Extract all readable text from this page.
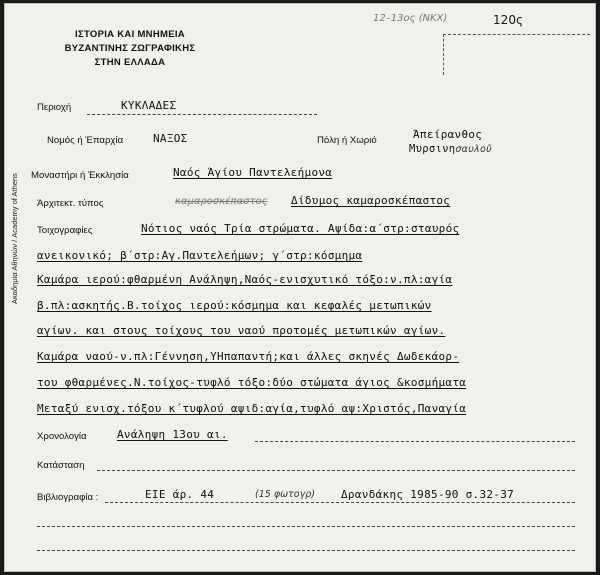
ΙΣΤΟΡΙΑ ΚΑΙ ΜΝΗΜΕΙΑ
ΒΥΖΑΝΤΙΝΗΣ ΖΩΓΡΑΦΙΚΗΣ
ΣΤΗΝ ΕΛΛΑΔΑ
Ακαδημία Αθηνών / Academy of Athens
12–13ος (ΝΚΧ)	120ς
Περιοχή	ΚΥΚΛΑΔΕΣ
Νομός ή Έπαρχία	ΝΑΞΟΣ	Πόλη ή Χωριό	Άπείρανθος
Μυρσινησαυλοῦ
Μοναστήρι ή Έκκλησία	Ναός Άγίου Παντελεήμονα
Άρχιτεκτ. τύπος	καμαροσκέπαστος Δίδυμος καμαροσκέπαστος
Τοιχογραφίες	Νότιος ναός Τρία στρώματα. Αψίδα:α΄στρ:σταυρός
ανεικονικό; β΄στρ:Αγ.Παντελεήμων; γ΄στρ:κόσμημα
Καμάρα ιερού:φθαρμένη Ανάληψη,Ναός-ενισχυτικό τόξο:ν.πλ:αγία
β.πλ:ασκητής.Β.τοίχος ιερού:κόσμημα και κεφαλές μετωπικών
αγίων. και στους τοίχους του ναού προτομές μετωπικών αγίων.
Καμάρα ναού-ν.πλ:Γέννηση,ΥΗπαπαντή;και άλλες σκηνές Δωδεκάορ-
του φθαρμένες.Ν.τοίχος-τυφλό τόξο:δύο στώματα άγιος &κοσμήματα
Μεταξύ ενισχ.τόξου κ΄τυφλού αψιδ:αγία,τυφλό αψ:Χριστός,Παναγία
Χρονολογία	Ανάληψη 13ου αι.
Κατάσταση
Βιβλιογραφία :	ΕΙΕ άρ. 44	(15 φωτογρ) Δρανδάκης 1985-90 σ.32-37
